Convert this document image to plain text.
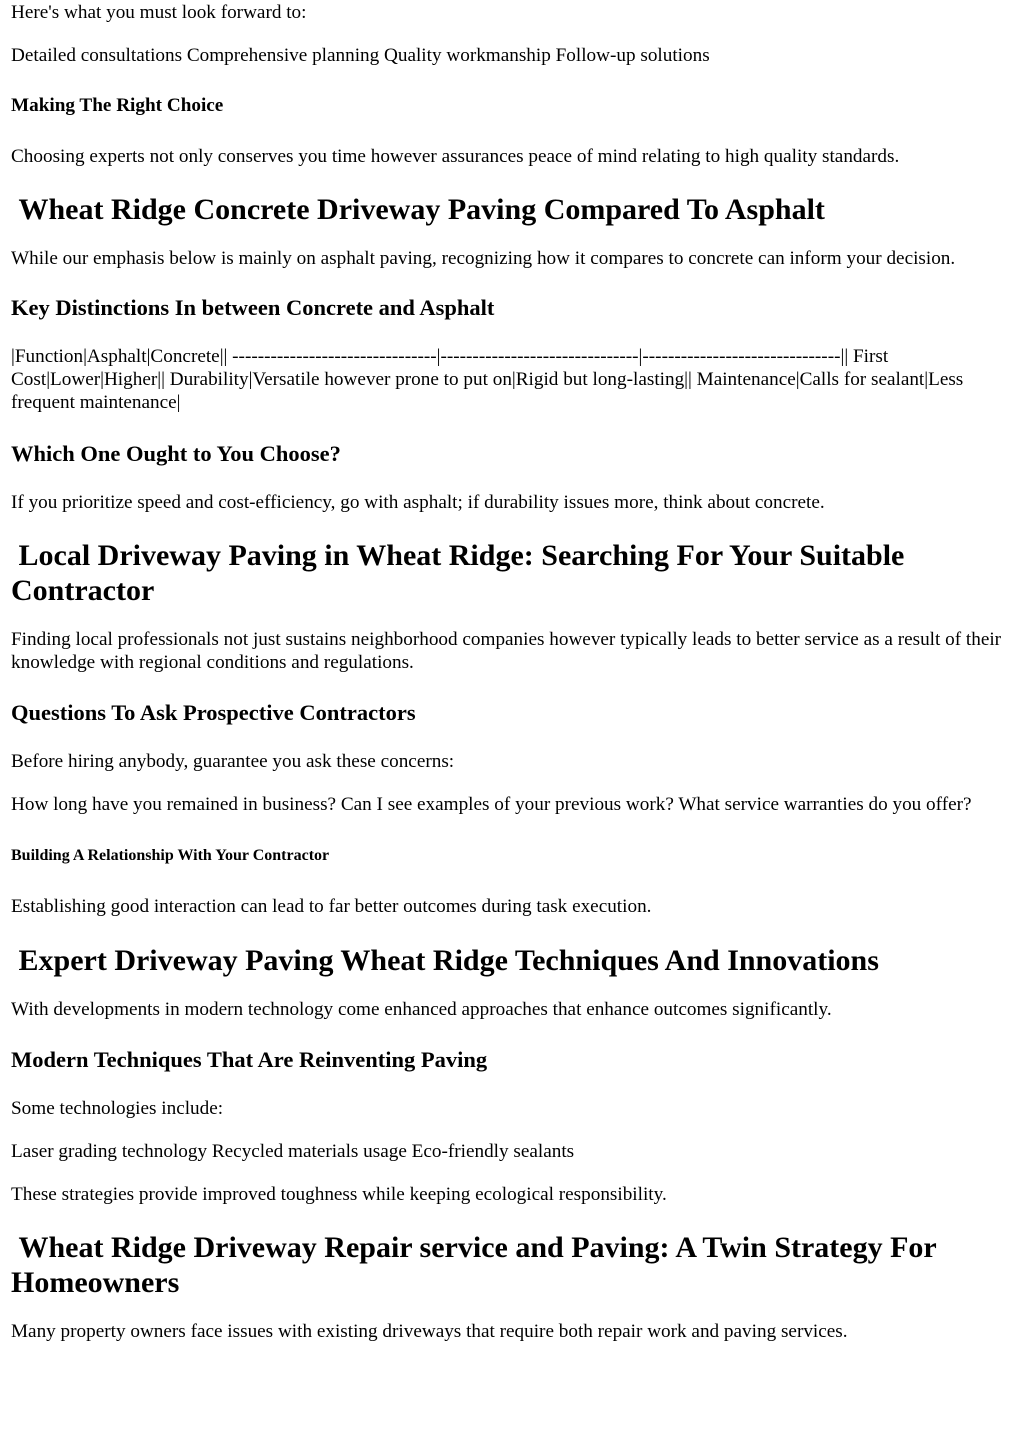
Here's what you must look forward to:

Detailed consultations Comprehensive planning Quality workmanship Follow-up solutions

Making The Right Choice

Choosing experts not only conserves you time however assurances peace of mind relating to high quality standards.

Wheat Ridge Concrete Driveway Paving Compared To Asphalt

While our emphasis below is mainly on asphalt paving, recognizing how it compares to concrete can inform your decision.

Key Distinctions In between Concrete and Asphalt

|Function|Asphalt|Concrete|| --------------------------------|-------------------------------|-------------------------------|| First Cost|Lower|Higher|| Durability|Versatile however prone to put on|Rigid but long-lasting|| Maintenance|Calls for sealant|Less frequent maintenance|

Which One Ought to You Choose?

If you prioritize speed and cost-efficiency, go with asphalt; if durability issues more, think about concrete.

Local Driveway Paving in Wheat Ridge: Searching For Your Suitable Contractor

Finding local professionals not just sustains neighborhood companies however typically leads to better service as a result of their knowledge with regional conditions and regulations.

Questions To Ask Prospective Contractors

Before hiring anybody, guarantee you ask these concerns:

How long have you remained in business? Can I see examples of your previous work? What service warranties do you offer?

Building A Relationship With Your Contractor

Establishing good interaction can lead to far better outcomes during task execution.

Expert Driveway Paving Wheat Ridge Techniques And Innovations

With developments in modern technology come enhanced approaches that enhance outcomes significantly.

Modern Techniques That Are Reinventing Paving

Some technologies include:

Laser grading technology Recycled materials usage Eco-friendly sealants

These strategies provide improved toughness while keeping ecological responsibility.

Wheat Ridge Driveway Repair service and Paving: A Twin Strategy For Homeowners

Many property owners face issues with existing driveways that require both repair work and paving services.
